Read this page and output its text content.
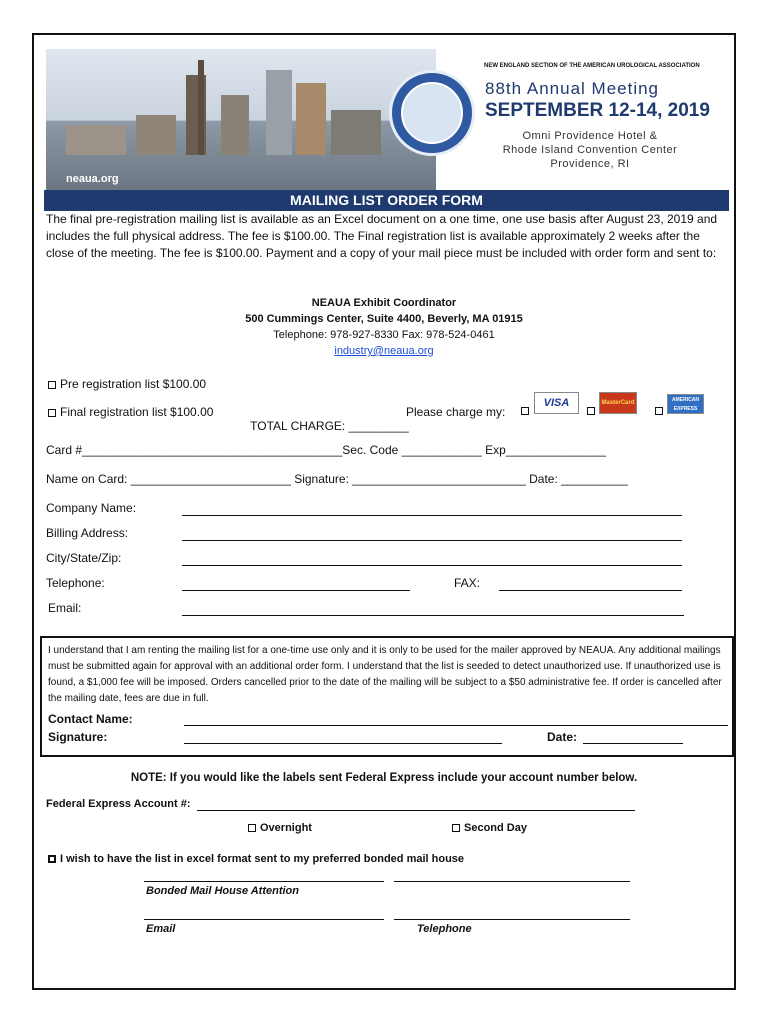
neaua.org
NEW ENGLAND SECTION OF THE AMERICAN UROLOGICAL ASSOCIATION
88th Annual Meeting
SEPTEMBER 12-14, 2019
Omni Providence Hotel &
Rhode Island Convention Center
Providence, RI
MAILING LIST ORDER FORM
The final pre-registration mailing list is available as an Excel document on a one time, one use basis after August 23, 2019 and includes the full physical address. The fee is $100.00. The Final registration list is available approximately 2 weeks after the close of the meeting. The fee is $100.00. Payment and a copy of your mail piece must be included with order form and sent to:
NEAUA Exhibit Coordinator
500 Cummings Center, Suite 4400, Beverly, MA 01915
Telephone: 978-927-8330 Fax: 978-524-0461
industry@neaua.org
Pre registration list $100.00
Final registration list $100.00

TOTAL CHARGE: _________

Please charge my:
VISA	MasterCard	AMERICAN EXPRESS
Card #_______________________________________Sec. Code ____________ Exp_______________
Name on Card: ________________________ Signature: __________________________ Date: __________
Company Name:
Billing Address:
City/State/Zip:
Telephone:	FAX:
Email:
I understand that I am renting the mailing list for a one-time use only and it is only to be used for the mailer approved by NEAUA. Any additional mailings must be submitted again for approval with an additional order form. I understand that the list is seeded to detect unauthorized use. If unauthorized use is found, a $1,000 fee will be imposed. Orders cancelled prior to the date of the mailing will be subject to a $50 administrative fee. If order is cancelled after the mailing date, fees are due in full.
Contact Name:
Signature:	Date:
NOTE: If you would like the labels sent Federal Express include your account number below.
Federal Express Account #:
Overnight	Second Day
I wish to have the list in excel format sent to my preferred bonded mail house
Bonded Mail House Attention
Email	Telephone
